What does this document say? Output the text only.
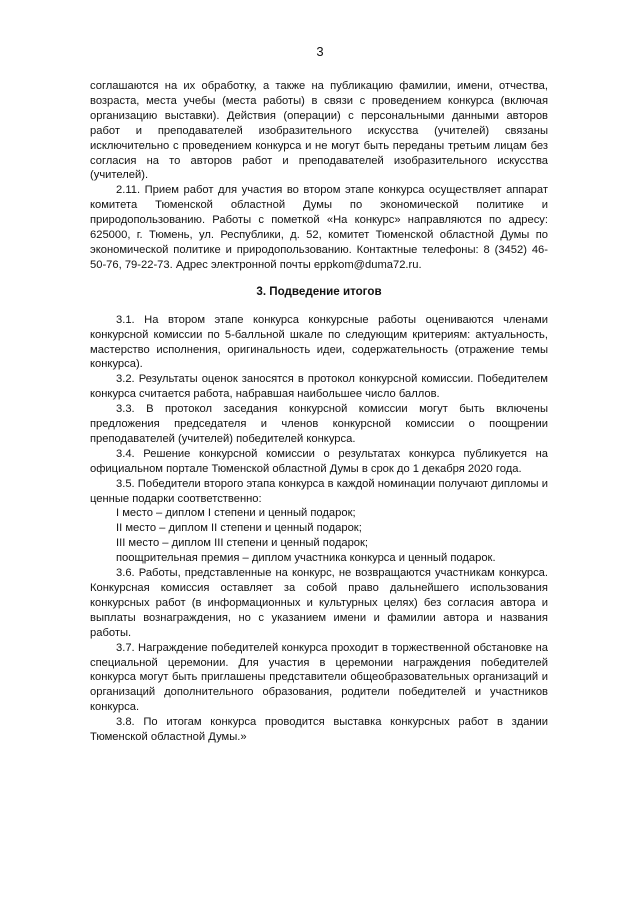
3

соглашаются на их обработку, а также на публикацию фамилии, имени, отчества, возраста, места учебы (места работы) в связи с проведением конкурса (включая организацию выставки). Действия (операции) с персональными данными авторов работ и преподавателей изобразительного искусства (учителей) связаны исключительно с проведением конкурса и не могут быть переданы третьим лицам без согласия на то авторов работ и преподавателей изобразительного искусства (учителей).

2.11. Прием работ для участия во втором этапе конкурса осуществляет аппарат комитета Тюменской областной Думы по экономической политике и природопользованию. Работы с пометкой «На конкурс» направляются по адресу: 625000, г. Тюмень, ул. Республики, д. 52, комитет Тюменской областной Думы по экономической политике и природопользованию. Контактные телефоны: 8 (3452) 46-50-76, 79-22-73. Адрес электронной почты eppkom@duma72.ru.

3. Подведение итогов

3.1. На втором этапе конкурса конкурсные работы оцениваются членами конкурсной комиссии по 5-балльной шкале по следующим критериям: актуальность, мастерство исполнения, оригинальность идеи, содержательность (отражение темы конкурса).

3.2. Результаты оценок заносятся в протокол конкурсной комиссии. Победителем конкурса считается работа, набравшая наибольшее число баллов.

3.3. В протокол заседания конкурсной комиссии могут быть включены предложения председателя и членов конкурсной комиссии о поощрении преподавателей (учителей) победителей конкурса.

3.4. Решение конкурсной комиссии о результатах конкурса публикуется на официальном портале Тюменской областной Думы в срок до 1 декабря 2020 года.

3.5. Победители второго этапа конкурса в каждой номинации получают дипломы и ценные подарки соответственно:

I место – диплом I степени и ценный подарок;

II место – диплом II степени и ценный подарок;

III место – диплом III степени и ценный подарок;

поощрительная премия – диплом участника конкурса и ценный подарок.

3.6. Работы, представленные на конкурс, не возвращаются участникам конкурса. Конкурсная комиссия оставляет за собой право дальнейшего использования конкурсных работ (в информационных и культурных целях) без согласия автора и выплаты вознаграждения, но с указанием имени и фамилии автора и названия работы.

3.7. Награждение победителей конкурса проходит в торжественной обстановке на специальной церемонии. Для участия в церемонии награждения победителей конкурса могут быть приглашены представители общеобразовательных организаций и организаций дополнительного образования, родители победителей и участников конкурса.

3.8. По итогам конкурса проводится выставка конкурсных работ в здании Тюменской областной Думы.»
